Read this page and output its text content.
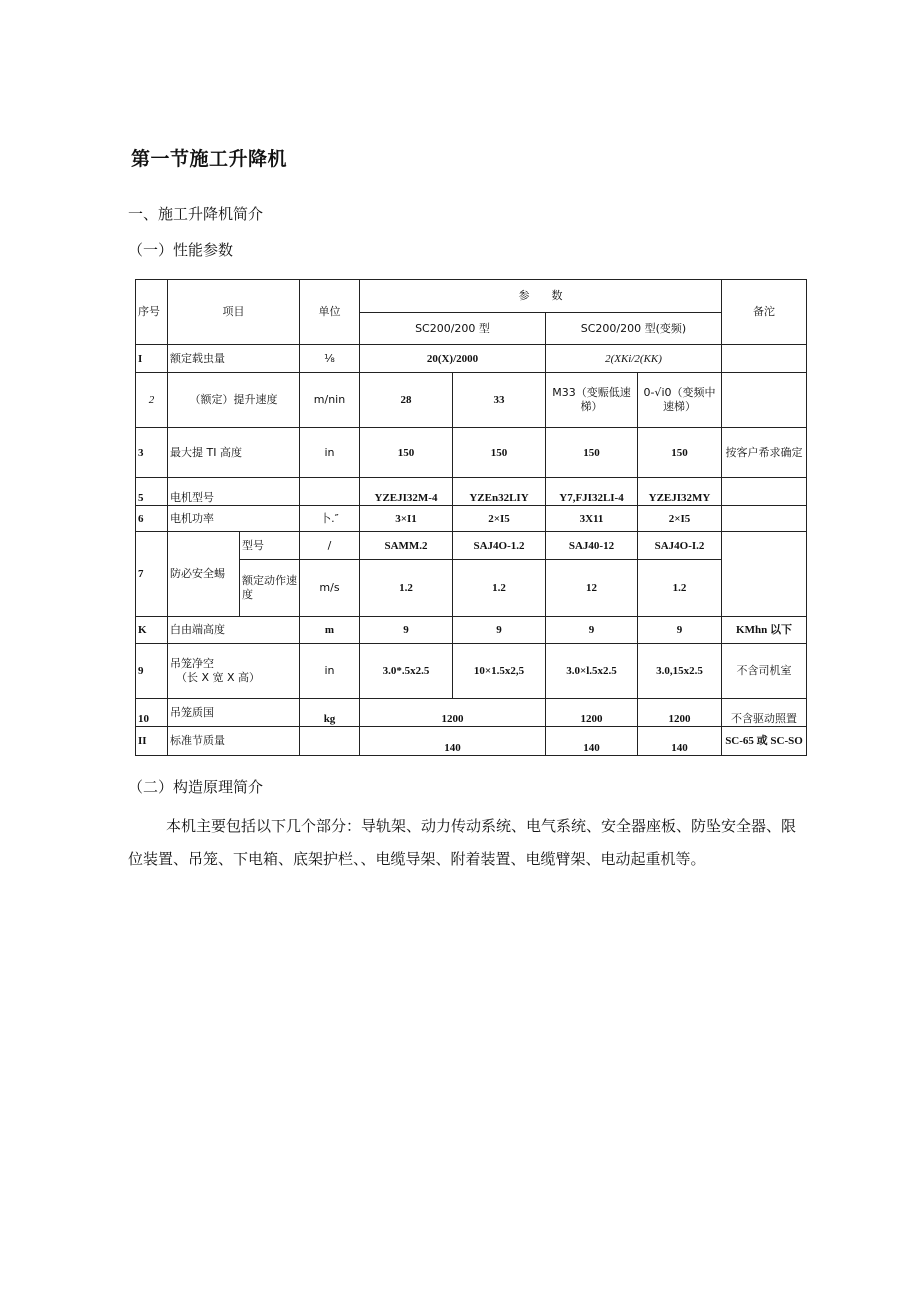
第一节施工升降机
一、施工升降机简介
（一）性能参数
序号	项目		单位	参　　数				备沱
				SC200/200 型		SC200/200 型(变频)		
I	额定载虫量		⅛	20(X)/2000		2(XKi/2(KK)		
2	（额定）提升速度		m/nin	28	33	M33（变赈低速梯）	0-√i0（变频中速梯）	
3	最大提 TI 高度		in	150	150	150	150	按客户希求确定
5	电机型号			YZEJI32M-4	YZEn32LIY	Y7,FJI32LI-4	YZEJI32MY	
6	电机功率		卜.″	3×I1	2×I5	3X11	2×I5	
7	防必安全蜴	型号	/	SAMM.2	SAJ4O-1.2	SAJ40-12	SAJ4O-I.2	
		额定动作速度	m/s	1.2	1.2	12	1.2	
K	白由端高度		m	9	9	9	9	KMhn 以下
9	吊笼净空
（长 X 宽 X 高）		in	3.0*.5x2.5	10×1.5x2,5	3.0×l.5x2.5	3.0,15x2.5	不含司机室
10	吊笼质国		kg	1200		1200	1200	不含驱动照置
II	标准节质量			140		140	140	SC-65 或 SC-SO
（二）构造原理简介
本机主要包括以下几个部分：导轨架、动力传动系统、电气系统、安全器座板、防坠安全器、限位装置、吊笼、下电箱、底架护栏、、电缆导架、附着装置、电缆臂架、电动起重机等。
